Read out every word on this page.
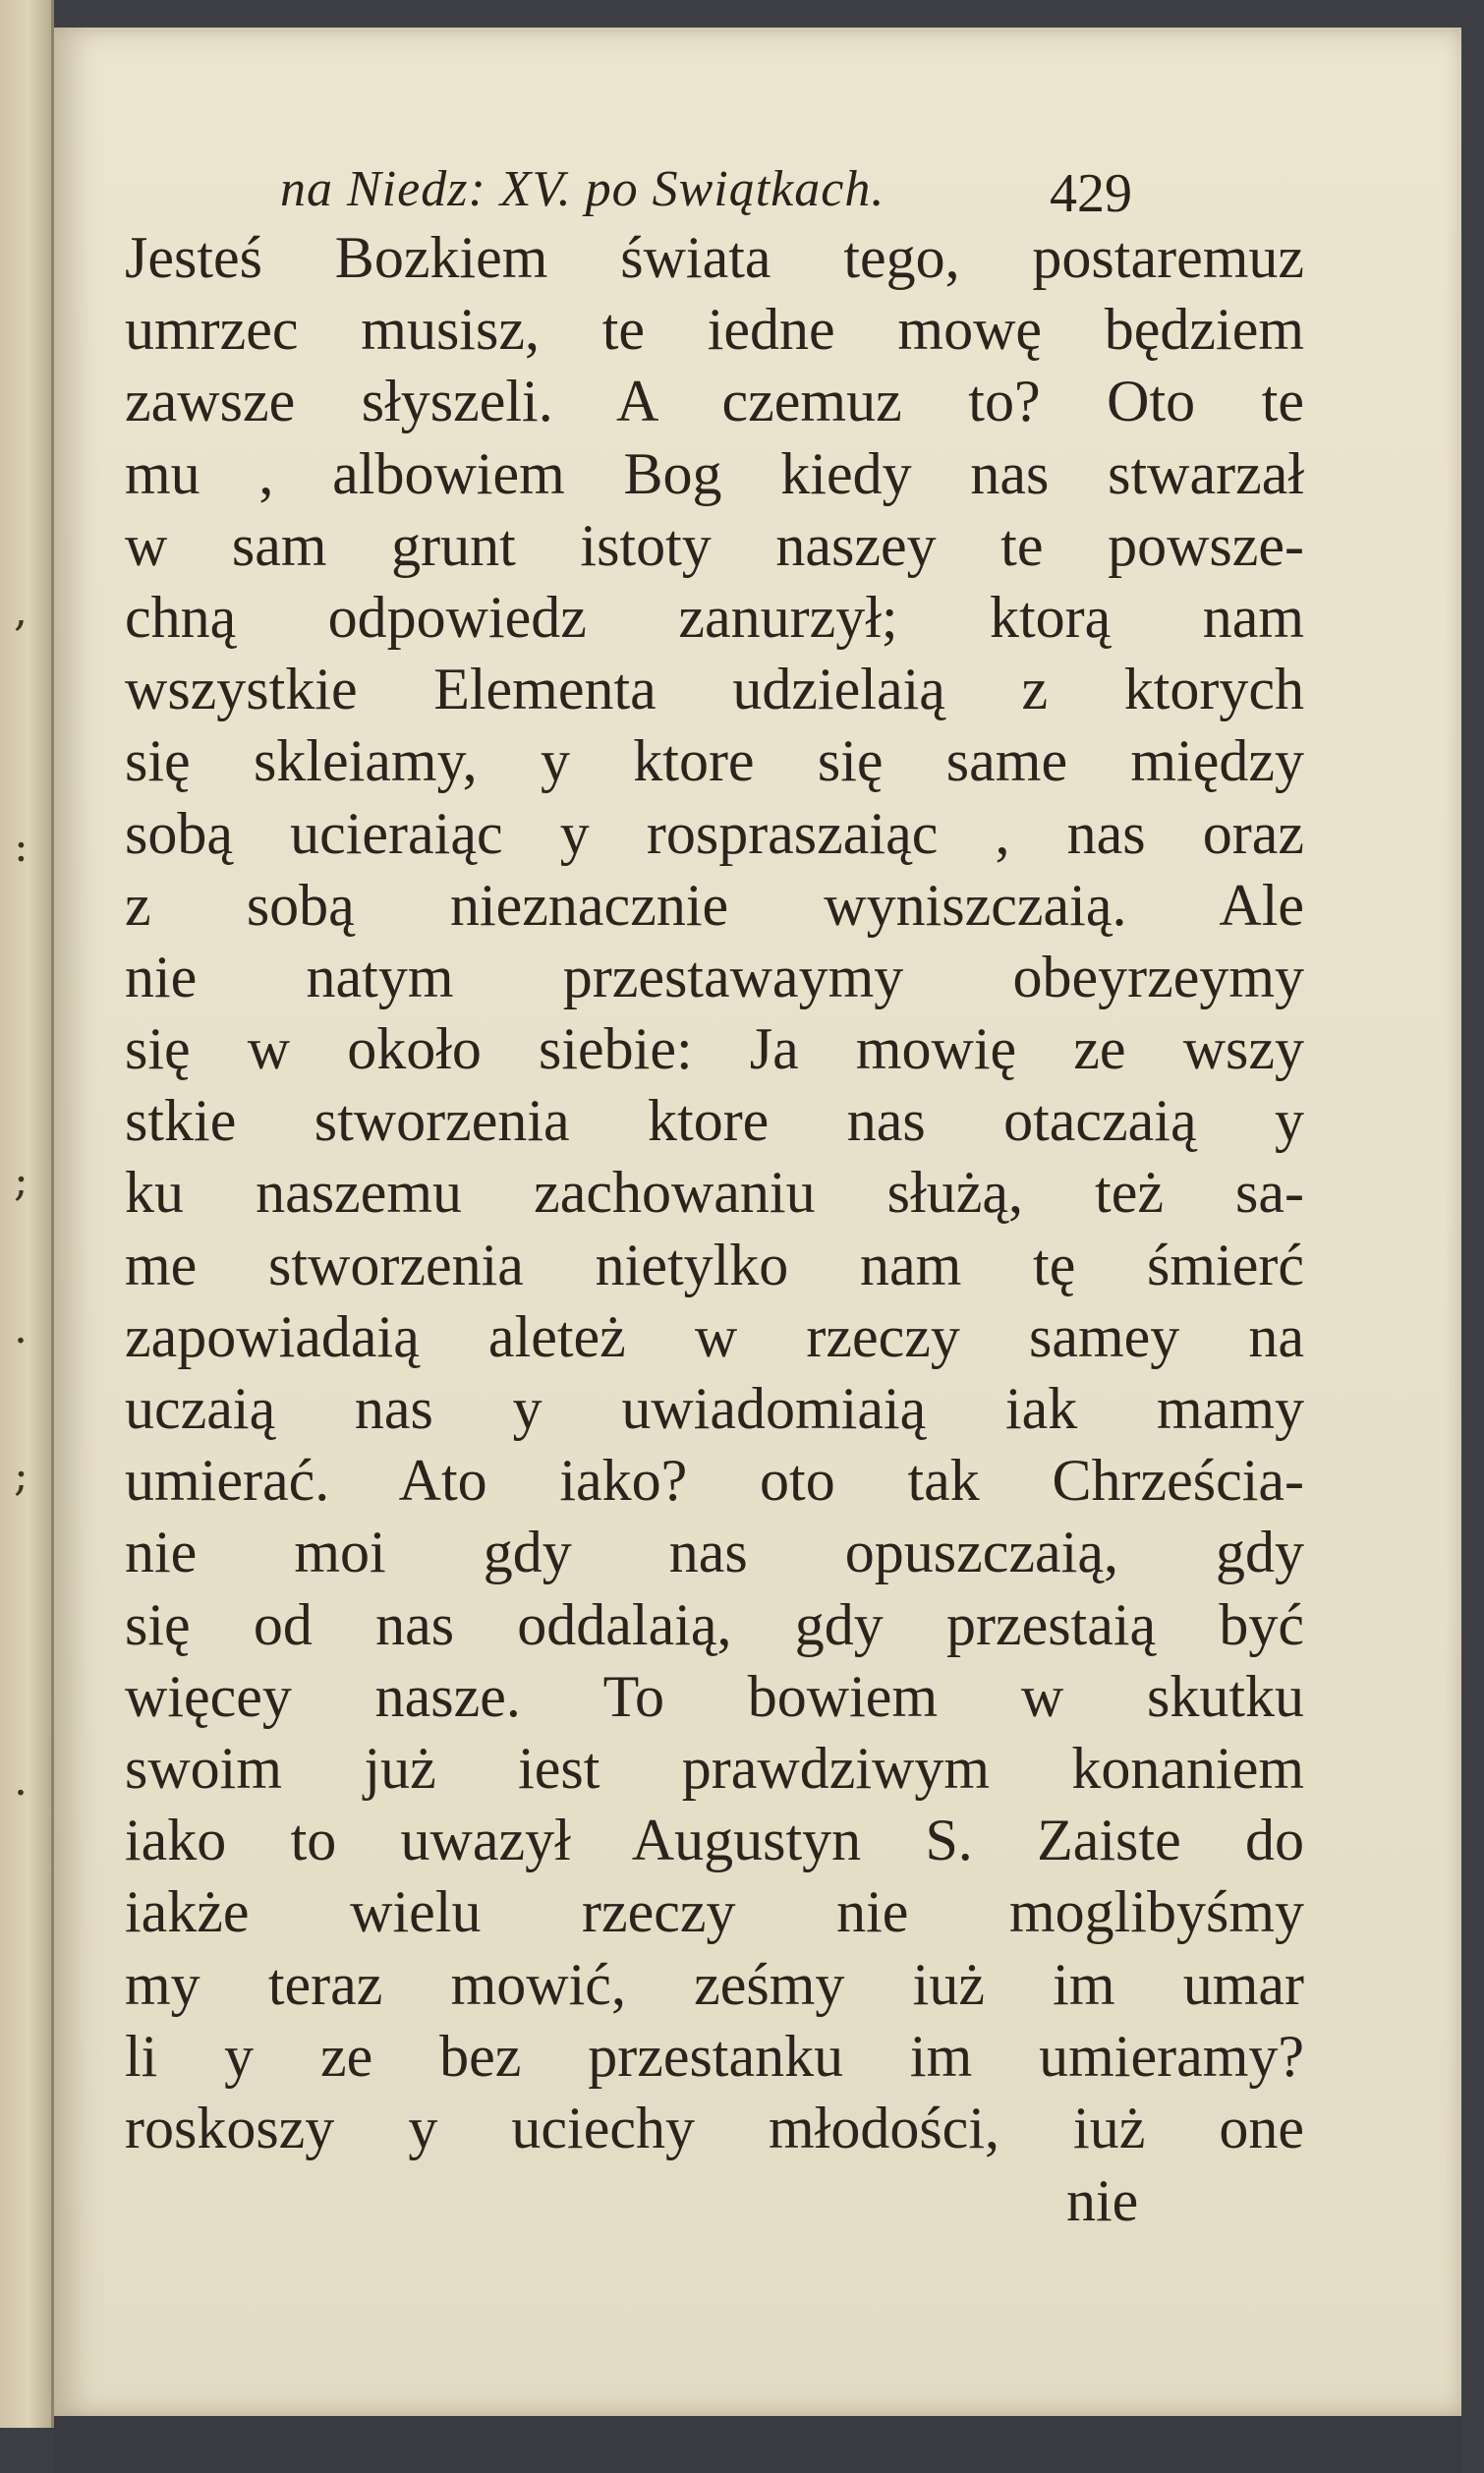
,
:
;
.
;
.
na Niedz: XV. po Swiątkach.	429
Jesteś Bozkiem świata tego, postaremuz
umrzec musisz, te iedne mowę będziem
zawsze słyszeli. A czemuz to? Oto te
mu , albowiem Bog kiedy nas stwarzał
w sam grunt istoty naszey te powsze-
chną odpowiedz zanurzył; ktorą nam
wszystkie Elementa udzielaią z ktorych
się skleiamy, y ktore się same między
sobą ucieraiąc y rospraszaiąc , nas oraz
z sobą nieznacznie wyniszczaią. Ale
nie natym przestawaymy obeyrzeymy
się w około siebie: Ja mowię ze wszy
stkie stworzenia ktore nas otaczaią y
ku naszemu zachowaniu służą, też sa-
me stworzenia nietylko nam tę śmierć
zapowiadaią aleteż w rzeczy samey na
uczaią nas y uwiadomiaią iak mamy
umierać. Ato iako? oto tak Chrześcia-
nie moi gdy nas opuszczaią, gdy
się od nas oddalaią, gdy przestaią być
więcey nasze. To bowiem w skutku
swoim już iest prawdziwym konaniem
iako to uwazył Augustyn S. Zaiste do
iakże wielu rzeczy nie moglibyśmy
my teraz mowić, ześmy iuż im umar
li y ze bez przestanku im umieramy?
roskoszy y uciechy młodości, iuż one
nie
